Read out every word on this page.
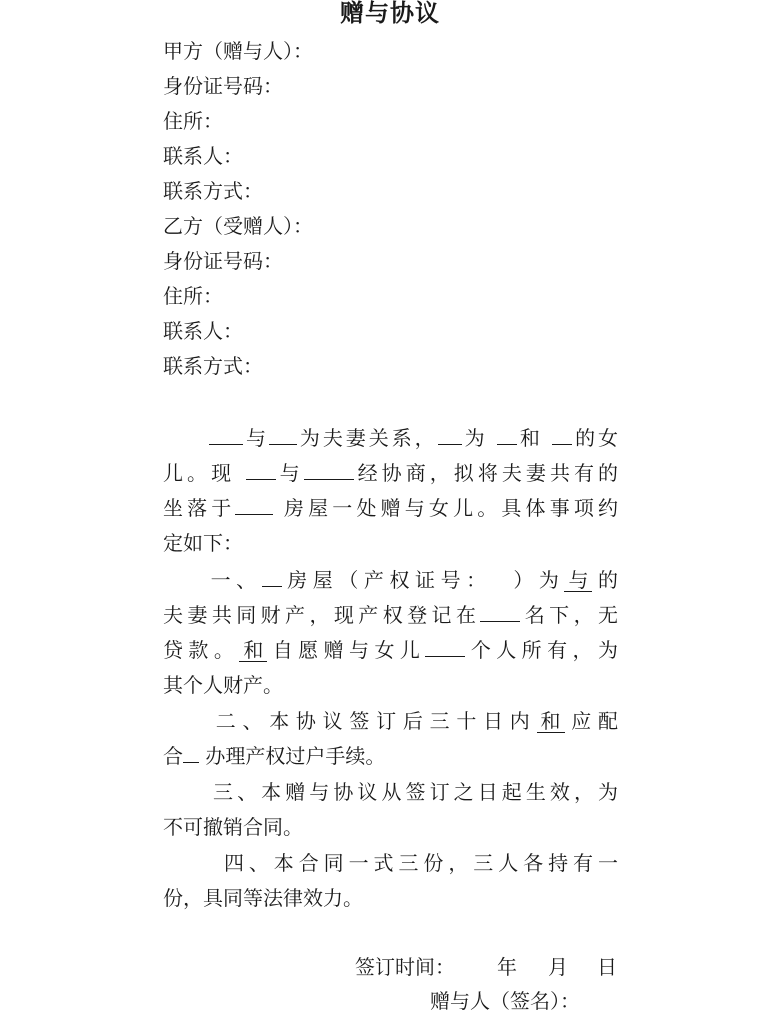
赠与协议
甲方（赠与人）：
身份证号码：
住所：
联系人：
联系方式：
乙方（受赠人）：
身份证号码：
住所：
联系人：
联系方式：
与 为夫妻关系， 为 和 的女
儿。现 与	经协商，拟将夫妻共有的
坐落于 房屋一处赠与女儿。具体事项约
定如下：
一、 房屋（产权证号： ）为 与 的
夫妻共同财产，现产权登记在 名下，无
贷款。 和 自愿赠与女儿 个人所有，为
其个人财产。
二、本协议签订后三十日内 和 应配
合 办理产权过户手续。
三、本赠与协议从签订之日起生效，为
不可撤销合同。
四、本合同一式三份，三人各持有一
份，具同等法律效力。
签订时间： 年 月 日
赠与人（签名）：
